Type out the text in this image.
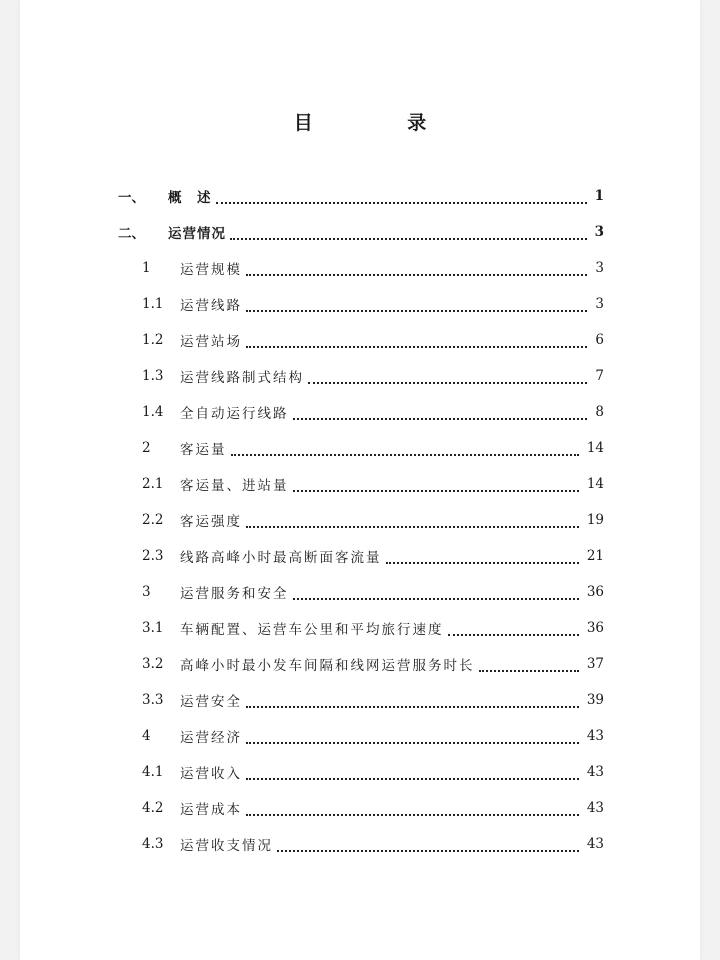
目 录
一、 概　述	1
二、 运营情况	3
1 运营规模	3
1.1 运营线路	3
1.2 运营站场	6
1.3 运营线路制式结构	7
1.4 全自动运行线路	8
2 客运量	14
2.1 客运量、进站量	14
2.2 客运强度	19
2.3 线路高峰小时最高断面客流量	21
3 运营服务和安全	36
3.1 车辆配置、运营车公里和平均旅行速度	36
3.2 高峰小时最小发车间隔和线网运营服务时长	37
3.3 运营安全	39
4 运营经济	43
4.1 运营收入	43
4.2 运营成本	43
4.3 运营收支情况	43
